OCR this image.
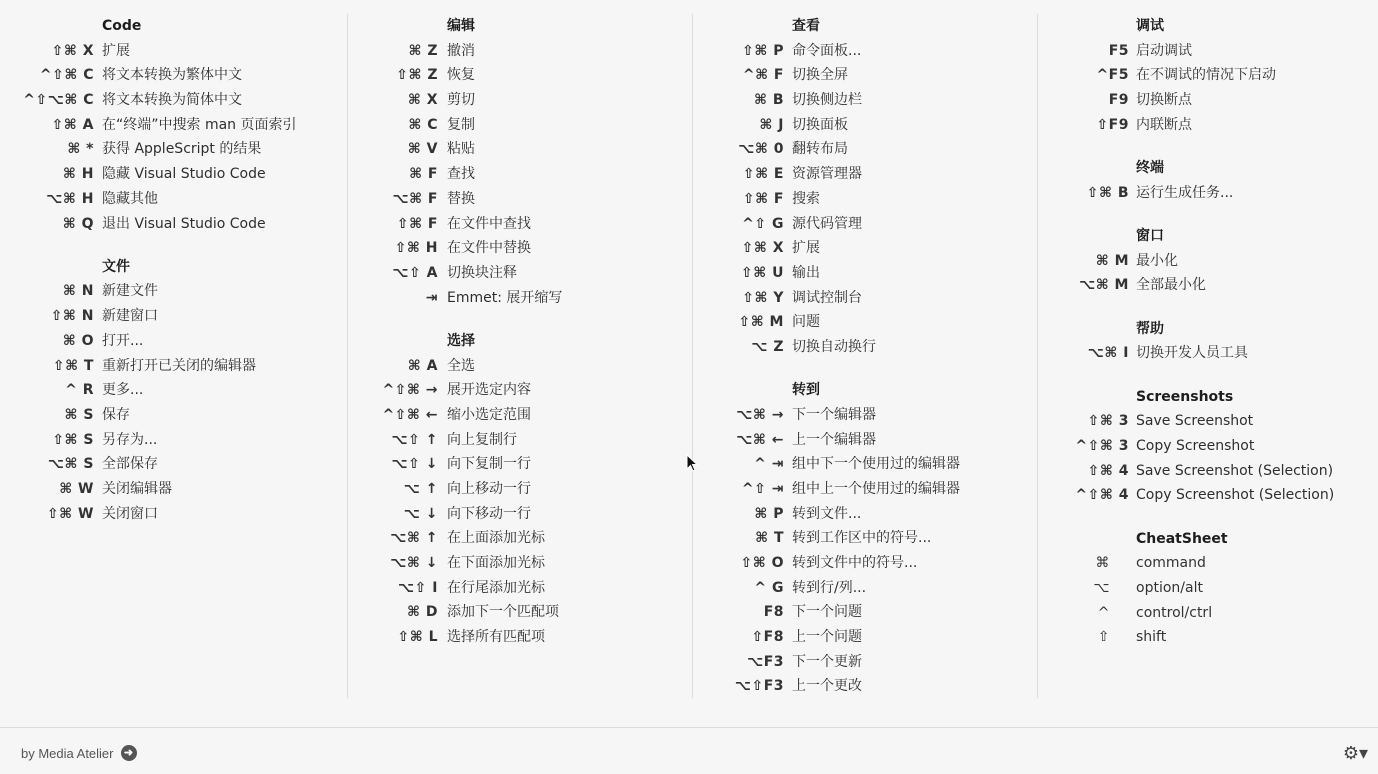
Code
⇧⌘ X 扩展
^⇧⌘ C 将文本转换为繁体中文
^⇧⌥⌘ C 将文本转换为简体中文
⇧⌘ A 在“终端”中搜索 man 页面索引
⌘ * 获得 AppleScript 的结果
⌘ H 隐藏 Visual Studio Code
⌥⌘ H 隐藏其他
⌘ Q 退出 Visual Studio Code
文件
⌘ N 新建文件
⇧⌘ N 新建窗口
⌘ O 打开...
⇧⌘ T 重新打开已关闭的编辑器
^ R 更多...
⌘ S 保存
⇧⌘ S 另存为...
⌥⌘ S 全部保存
⌘ W 关闭编辑器
⇧⌘ W 关闭窗口
编辑
⌘ Z 撤消
⇧⌘ Z 恢复
⌘ X 剪切
⌘ C 复制
⌘ V 粘贴
⌘ F 查找
⌥⌘ F 替换
⇧⌘ F 在文件中查找
⇧⌘ H 在文件中替换
⌥⇧ A 切换块注释
⇥ Emmet: 展开缩写
选择
⌘ A 全选
^⇧⌘ → 展开选定内容
^⇧⌘ ← 缩小选定范围
⌥⇧ ↑ 向上复制行
⌥⇧ ↓ 向下复制一行
⌥ ↑ 向上移动一行
⌥ ↓ 向下移动一行
⌥⌘ ↑ 在上面添加光标
⌥⌘ ↓ 在下面添加光标
⌥⇧ I 在行尾添加光标
⌘ D 添加下一个匹配项
⇧⌘ L 选择所有匹配项
查看
⇧⌘ P 命令面板...
^⌘ F 切换全屏
⌘ B 切换侧边栏
⌘ J 切换面板
⌥⌘ 0 翻转布局
⇧⌘ E 资源管理器
⇧⌘ F 搜索
^⇧ G 源代码管理
⇧⌘ X 扩展
⇧⌘ U 输出
⇧⌘ Y 调试控制台
⇧⌘ M 问题
⌥ Z 切换自动换行
转到
⌥⌘ → 下一个编辑器
⌥⌘ ← 上一个编辑器
^ ⇥ 组中下一个使用过的编辑器
^⇧ ⇥ 组中上一个使用过的编辑器
⌘ P 转到文件...
⌘ T 转到工作区中的符号...
⇧⌘ O 转到文件中的符号...
^ G 转到行/列...
F8 下一个问题
⇧F8 上一个问题
⌥F3 下一个更新
⌥⇧F3 上一个更改
调试
F5 启动调试
^F5 在不调试的情况下启动
F9 切换断点
⇧F9 内联断点
终端
⇧⌘ B 运行生成任务...
窗口
⌘ M 最小化
⌥⌘ M 全部最小化
帮助
⌥⌘ I 切换开发人员工具
Screenshots
⇧⌘ 3 Save Screenshot
^⇧⌘ 3 Copy Screenshot
⇧⌘ 4 Save Screenshot (Selection)
^⇧⌘ 4 Copy Screenshot (Selection)
CheatSheet
⌘ command
⌥ option/alt
^ control/ctrl
⇧ shift
by Media Atelier ➜	⚙▾
